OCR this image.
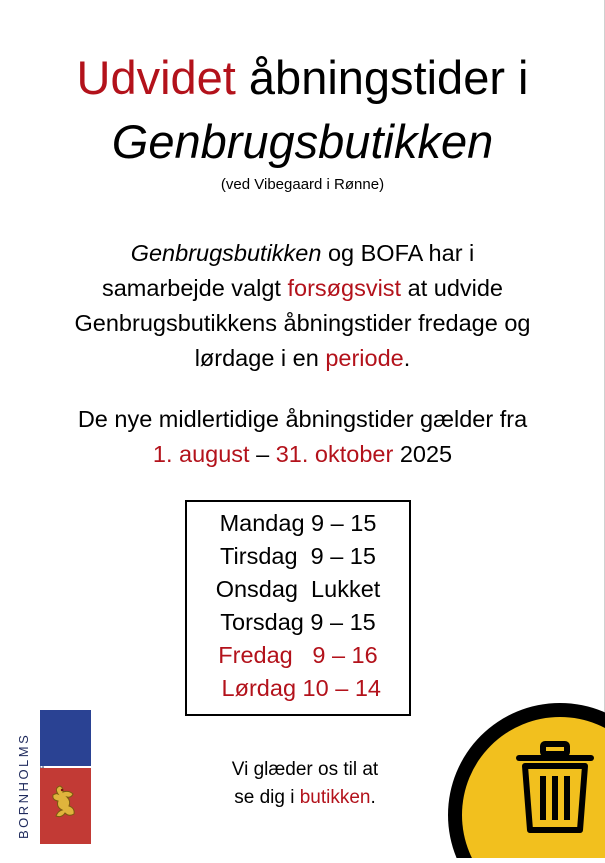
Udvidet åbningstider i
Genbrugsbutikken
(ved Vibegaard i Rønne)
Genbrugsbutikken og BOFA har i
samarbejde valgt forsøgsvist at udvide
Genbrugsbutikkens åbningstider fredage og
lørdage i en periode.
De nye midlertidige åbningstider gælder fra
1. august – 31. oktober 2025
Mandag 9 – 15
Tirsdag  9 – 15
Onsdag  Lukket
Torsdag 9 – 15
Fredag   9 – 16
Lørdag 10 – 14
Vi glæder os til at
se dig i butikken.
BORNHOLMS
